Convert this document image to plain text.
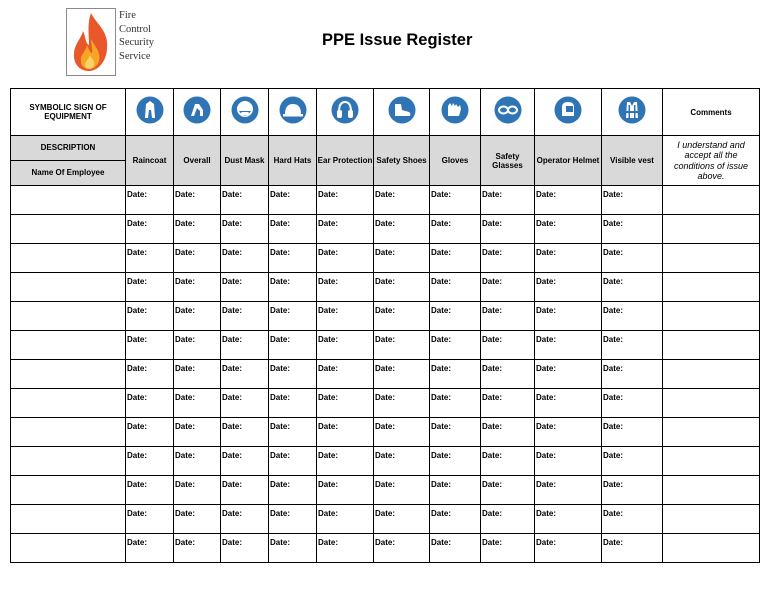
Fire
Control
Security
Service
PPE Issue Register
SYMBOLIC SIGN OF EQUIPMENT											Comments

DESCRIPTION
Name Of Employee	Raincoat	Overall	Dust Mask	Hard Hats	Ear Protection	Safety Shoes	Gloves	Safety Glasses	Operator Helmet	Visible vest	I understand and accept all the conditions of issue above.

	Date:	Date:	Date:	Date:	Date:	Date:	Date:	Date:	Date:	Date:	

	Date:	Date:	Date:	Date:	Date:	Date:	Date:	Date:	Date:	Date:	

	Date:	Date:	Date:	Date:	Date:	Date:	Date:	Date:	Date:	Date:	

	Date:	Date:	Date:	Date:	Date:	Date:	Date:	Date:	Date:	Date:	

	Date:	Date:	Date:	Date:	Date:	Date:	Date:	Date:	Date:	Date:	

	Date:	Date:	Date:	Date:	Date:	Date:	Date:	Date:	Date:	Date:	

	Date:	Date:	Date:	Date:	Date:	Date:	Date:	Date:	Date:	Date:	

	Date:	Date:	Date:	Date:	Date:	Date:	Date:	Date:	Date:	Date:	

	Date:	Date:	Date:	Date:	Date:	Date:	Date:	Date:	Date:	Date:	

	Date:	Date:	Date:	Date:	Date:	Date:	Date:	Date:	Date:	Date:	

	Date:	Date:	Date:	Date:	Date:	Date:	Date:	Date:	Date:	Date:	

	Date:	Date:	Date:	Date:	Date:	Date:	Date:	Date:	Date:	Date:	

	Date:	Date:	Date:	Date:	Date:	Date:	Date:	Date:	Date:	Date:	
